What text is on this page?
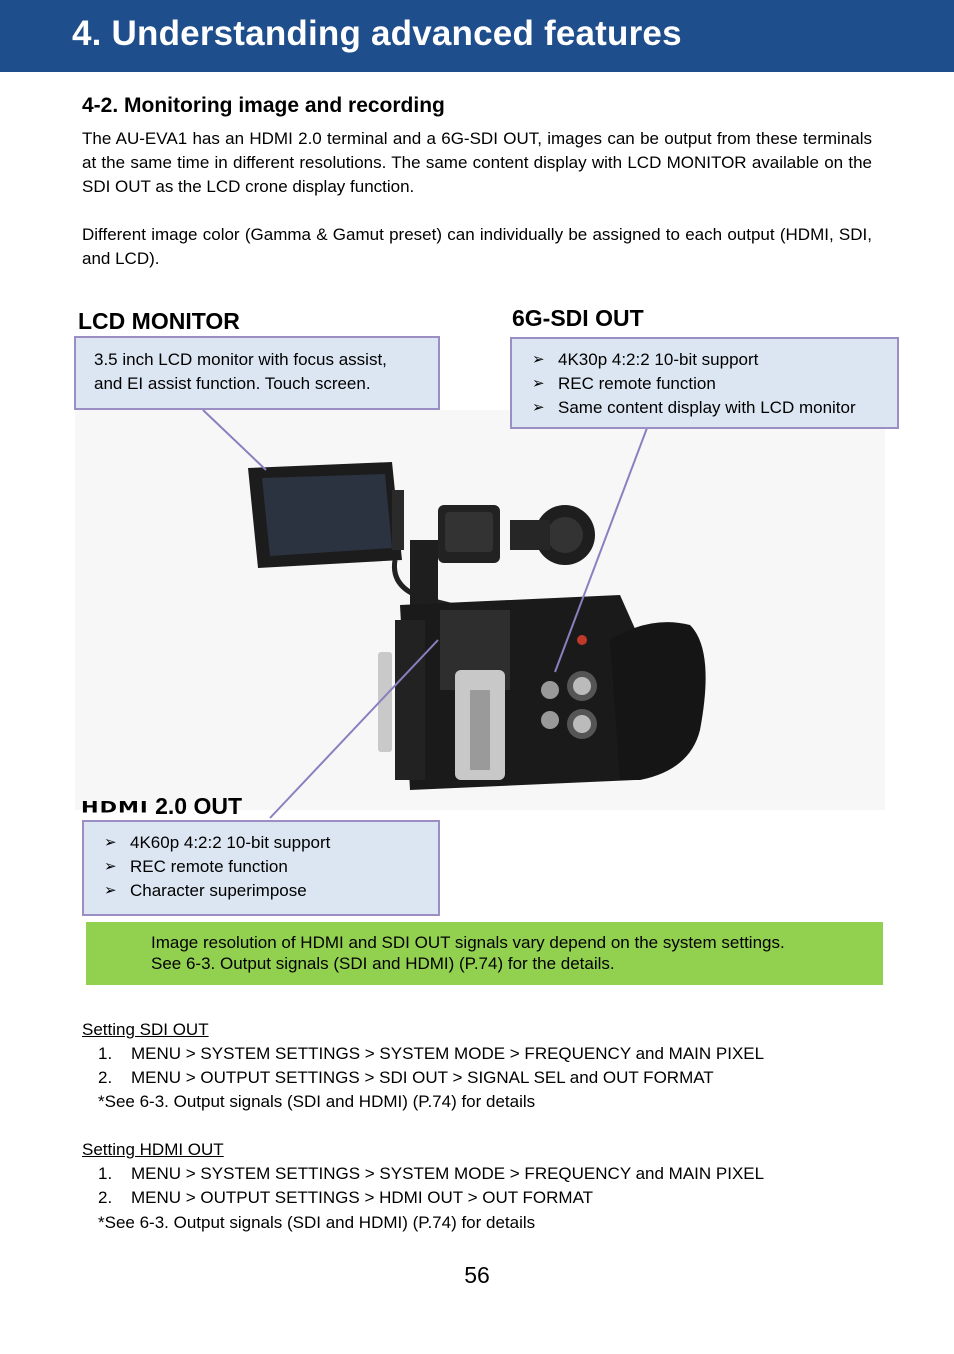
4. Understanding advanced features
4-2. Monitoring image and recording

The AU-EVA1 has an HDMI 2.0 terminal and a 6G-SDI OUT, images can be output from these terminals at the same time in different resolutions. The same content display with LCD MONITOR available on the SDI OUT as the LCD crone display function.

Different image color (Gamma & Gamut preset) can individually be assigned to each output (HDMI, SDI, and LCD).

LCD MONITOR
3.5 inch LCD monitor with focus assist,
and EI assist function. Touch screen.
6G-SDI OUT
➢ 4K30p 4:2:2 10-bit support
➢ REC remote function
➢ Same content display with LCD monitor
HDMI 2.0 OUT
➢ 4K60p 4:2:2 10-bit support
➢ REC remote function
➢ Character superimpose

Image resolution of HDMI and SDI OUT signals vary depend on the system settings.

See 6-3. Output signals (SDI and HDMI) (P.74) for the details.

Setting SDI OUT

1. MENU > SYSTEM SETTINGS > SYSTEM MODE > FREQUENCY and MAIN PIXEL
2. MENU > OUTPUT SETTINGS > SDI OUT > SIGNAL SEL and OUT FORMAT

*See 6-3. Output signals (SDI and HDMI) (P.74) for details

Setting HDMI OUT

1. MENU > SYSTEM SETTINGS > SYSTEM MODE > FREQUENCY and MAIN PIXEL
2. MENU > OUTPUT SETTINGS > HDMI OUT > OUT FORMAT

*See 6-3. Output signals (SDI and HDMI) (P.74) for details

56
